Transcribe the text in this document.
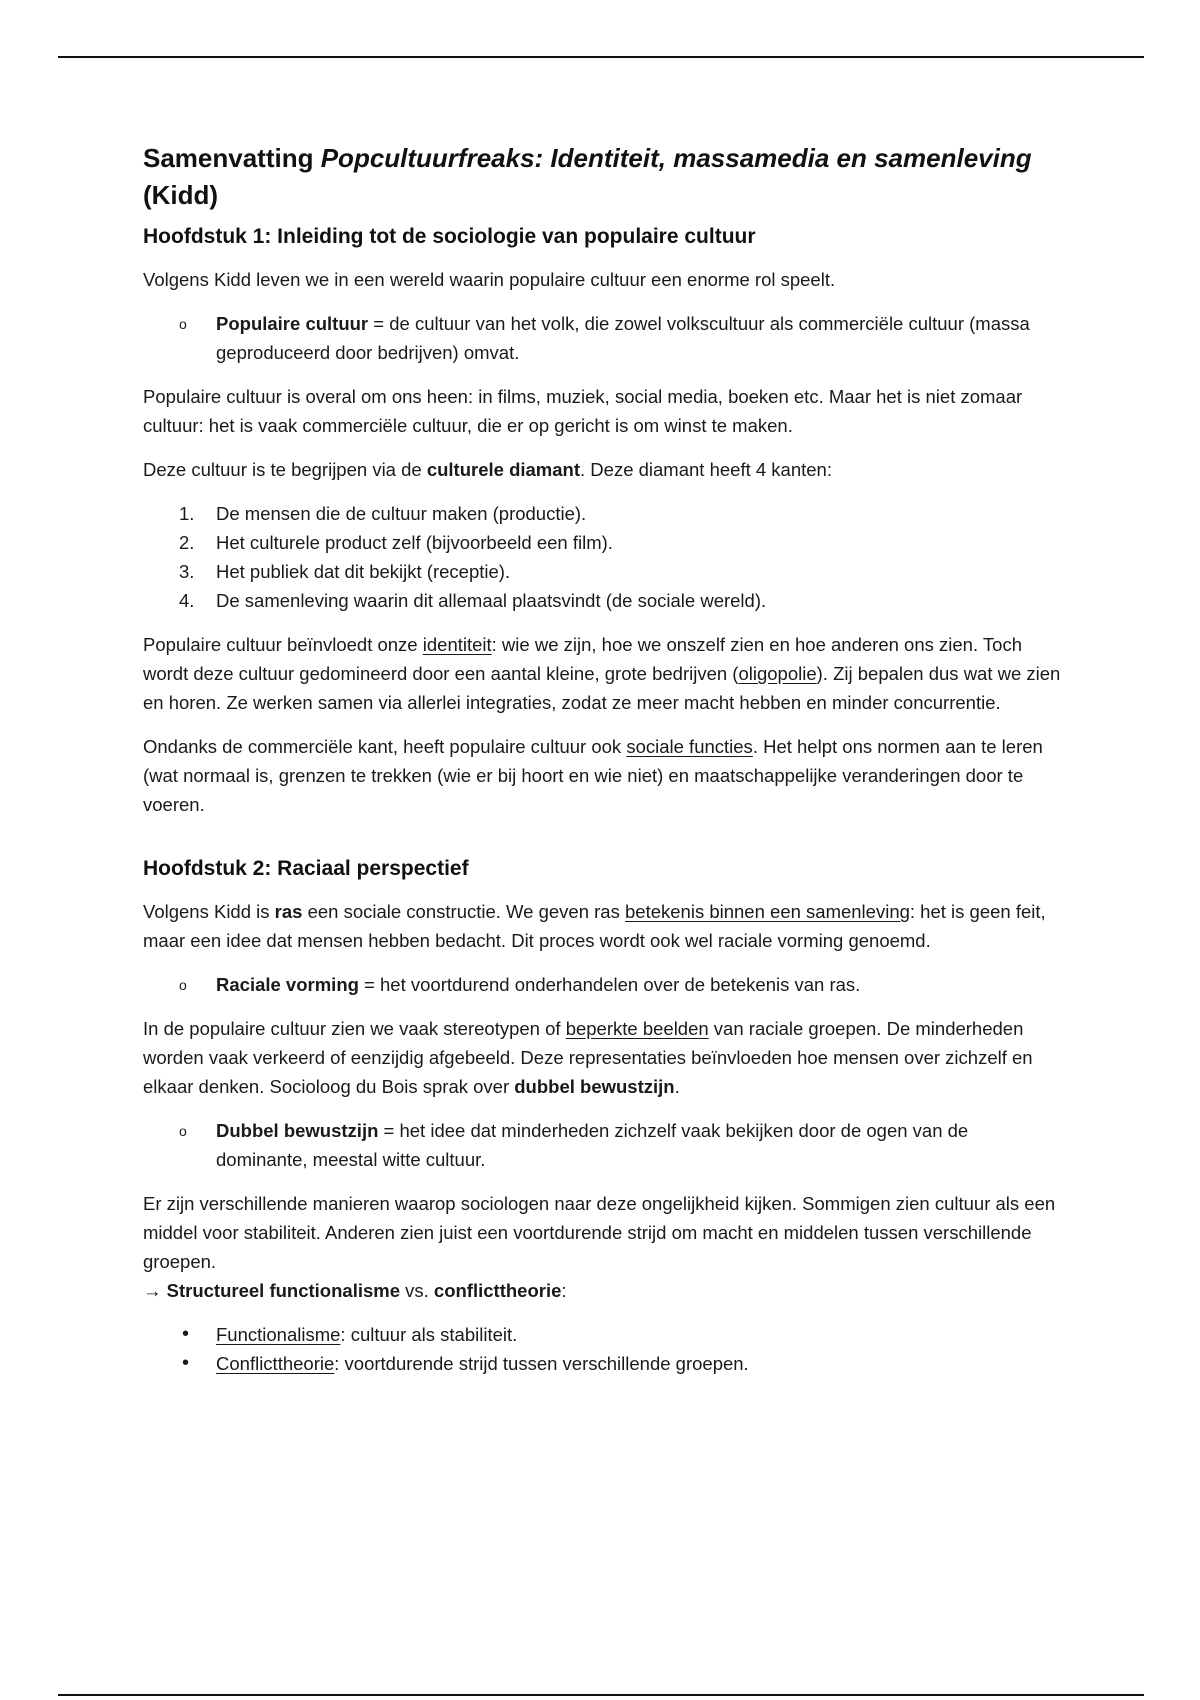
Samenvatting Popcultuurfreaks: Identiteit, massamedia en samenleving (Kidd)
Hoofdstuk 1: Inleiding tot de sociologie van populaire cultuur

Volgens Kidd leven we in een wereld waarin populaire cultuur een enorme rol speelt.

o	Populaire cultuur = de cultuur van het volk, die zowel volkscultuur als commerciële cultuur (massa geproduceerd door bedrijven) omvat.

Populaire cultuur is overal om ons heen: in films, muziek, social media, boeken etc. Maar het is niet zomaar cultuur: het is vaak commerciële cultuur, die er op gericht is om winst te maken.

Deze cultuur is te begrijpen via de culturele diamant. Deze diamant heeft 4 kanten:

1.	De mensen die de cultuur maken (productie).
2.	Het culturele product zelf (bijvoorbeeld een film).
3.	Het publiek dat dit bekijkt (receptie).
4.	De samenleving waarin dit allemaal plaatsvindt (de sociale wereld).

Populaire cultuur beïnvloedt onze identiteit: wie we zijn, hoe we onszelf zien en hoe anderen ons zien. Toch wordt deze cultuur gedomineerd door een aantal kleine, grote bedrijven (oligopolie). Zij bepalen dus wat we zien en horen. Ze werken samen via allerlei integraties, zodat ze meer macht hebben en minder concurrentie.

Ondanks de commerciële kant, heeft populaire cultuur ook sociale functies. Het helpt ons normen aan te leren (wat normaal is, grenzen te trekken (wie er bij hoort en wie niet) en maatschappelijke veranderingen door te voeren.

Hoofdstuk 2: Raciaal perspectief

Volgens Kidd is ras een sociale constructie. We geven ras betekenis binnen een samenleving: het is geen feit, maar een idee dat mensen hebben bedacht. Dit proces wordt ook wel raciale vorming genoemd.

o	Raciale vorming = het voortdurend onderhandelen over de betekenis van ras.

In de populaire cultuur zien we vaak stereotypen of beperkte beelden van raciale groepen. De minderheden worden vaak verkeerd of eenzijdig afgebeeld. Deze representaties beïnvloeden hoe mensen over zichzelf en elkaar denken. Socioloog du Bois sprak over dubbel bewustzijn.

o	Dubbel bewustzijn = het idee dat minderheden zichzelf vaak bekijken door de ogen van de dominante, meestal witte cultuur.

Er zijn verschillende manieren waarop sociologen naar deze ongelijkheid kijken. Sommigen zien cultuur als een middel voor stabiliteit. Anderen zien juist een voortdurende strijd om macht en middelen tussen verschillende groepen.

→ Structureel functionalisme vs. conflicttheorie:

•	Functionalisme: cultuur als stabiliteit.
•	Conflicttheorie: voortdurende strijd tussen verschillende groepen.
